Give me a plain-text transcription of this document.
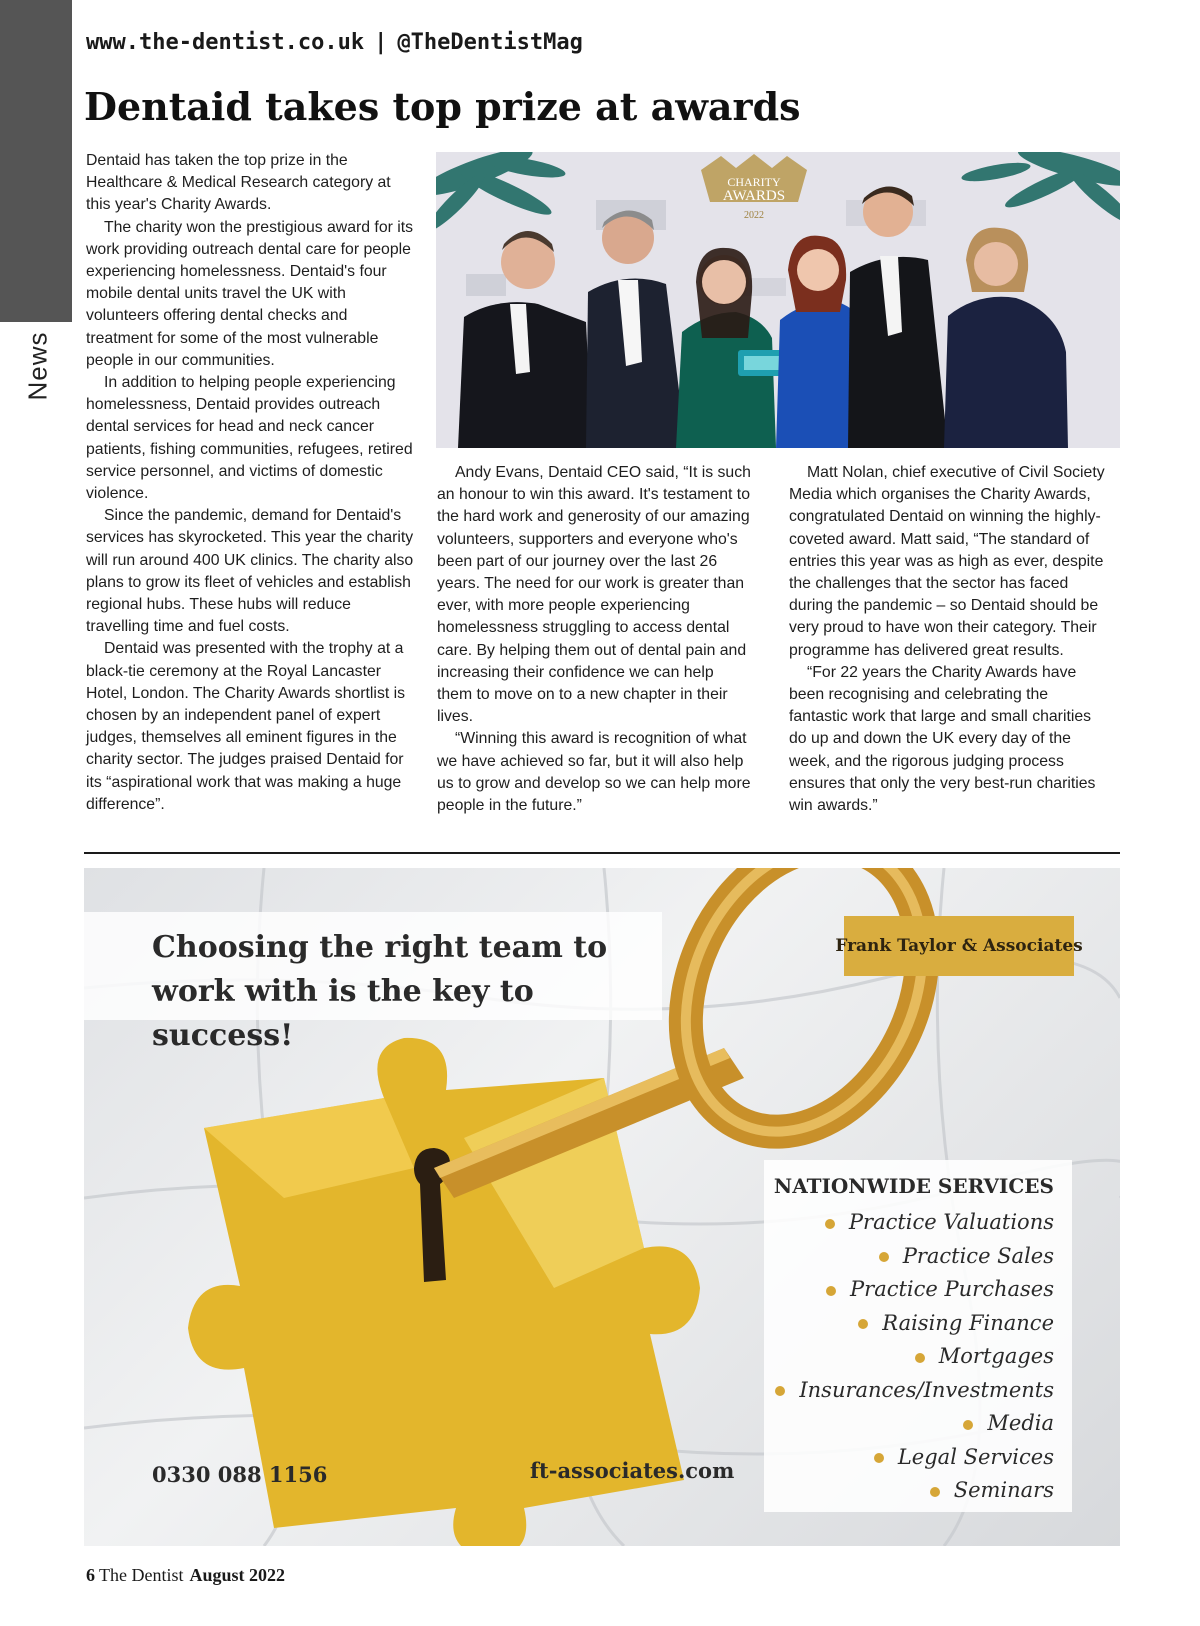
News
www.the-dentist.co.uk | @TheDentistMag
Dentaid takes top prize at awards

Dentaid has taken the top prize in the Healthcare & Medical Research category at this year's Charity Awards.

The charity won the prestigious award for its work providing outreach dental care for people experiencing homelessness. Dentaid's four mobile dental units travel the UK with volunteers offering dental checks and treatment for some of the most vulnerable people in our communities.

In addition to helping people experiencing homelessness, Dentaid provides outreach dental services for head and neck cancer patients, fishing communities, refugees, retired service personnel, and victims of domestic violence.

Since the pandemic, demand for Dentaid's services has skyrocketed. This year the charity will run around 400 UK clinics. The charity also plans to grow its fleet of vehicles and establish regional hubs. These hubs will reduce travelling time and fuel costs.

Dentaid was presented with the trophy at a black-tie ceremony at the Royal Lancaster Hotel, London. The Charity Awards shortlist is chosen by an independent panel of expert judges, themselves all eminent figures in the charity sector. The judges praised Dentaid for its “aspirational work that was making a huge difference”.

CHARITY
AWARDS
2022

Andy Evans, Dentaid CEO said, “It is such an honour to win this award. It's testament to the hard work and generosity of our amazing volunteers, supporters and everyone who's been part of our journey over the last 26 years. The need for our work is greater than ever, with more people experiencing homelessness struggling to access dental care. By helping them out of dental pain and increasing their confidence we can help them to move on to a new chapter in their lives.

“Winning this award is recognition of what we have achieved so far, but it will also help us to grow and develop so we can help more people in the future.”

Matt Nolan, chief executive of Civil Society Media which organises the Charity Awards, congratulated Dentaid on winning the highly-coveted award. Matt said, “The standard of entries this year was as high as ever, despite the challenges that the sector has faced during the pandemic – so Dentaid should be very proud to have won their category. Their programme has delivered great results.

“For 22 years the Charity Awards have been recognising and celebrating the fantastic work that large and small charities do up and down the UK every day of the week, and the rigorous judging process ensures that only the very best-run charities win awards.”

Choosing the right team to
work with is the key to success!
Frank Taylor & Associates
NATIONWIDE SERVICES
Practice Valuations
Practice Sales
Practice Purchases
Raising Finance
Mortgages
Insurances/Investments
Media
Legal Services
Seminars
0330 088 1156	ft-associates.com
6 The Dentist August 2022
